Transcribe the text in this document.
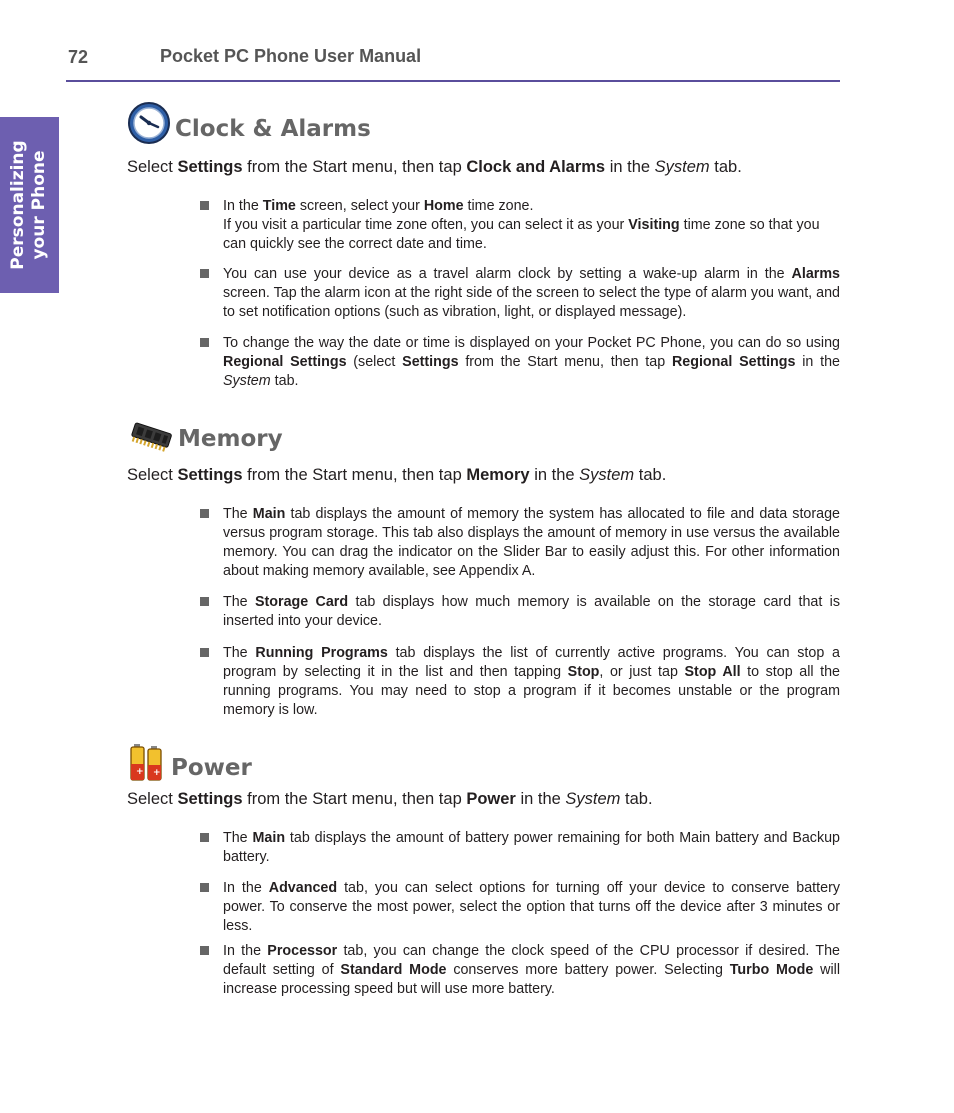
72	Pocket PC Phone User Manual
Personalizing
your Phone
Clock & Alarms
Select Settings from the Start menu, then tap Clock and Alarms in the System tab.
In the Time screen, select your Home time zone.
If you visit a particular time zone often, you can select it as your Visiting time zone so that you can quickly see the correct date and time.
You can use your device as a travel alarm clock by setting a wake-up alarm in the Alarms screen. Tap the alarm icon at the right side of the screen to select the type of alarm you want, and to set notification options (such as vibration, light, or displayed message).
To change the way the date or time is displayed on your Pocket PC Phone, you can do so using Regional Settings (select Settings from the Start menu, then tap Regional Settings in the System tab.
Memory
Select Settings from the Start menu, then tap Memory in the System tab.
The Main tab displays the amount of memory the system has allocated to file and data storage versus program storage. This tab also displays the amount of memory in use versus the available memory. You can drag the indicator on the Slider Bar to easily adjust this. For other information about making memory available, see Appendix A.
The Storage Card tab displays how much memory is available on the storage card that is inserted into your device.
The Running Programs tab displays the list of currently active programs. You can stop a program by selecting it in the list and then tapping Stop, or just tap Stop All to stop all the running programs. You may need to stop a program if it becomes unstable or the program memory is low.
+ + Power
Select Settings from the Start menu, then tap Power in the System tab.
The Main tab displays the amount of battery power remaining for both Main battery and Backup battery.
In the Advanced tab, you can select options for turning off your device to conserve battery power. To conserve the most power, select the option that turns off the device after 3 minutes or less.
In the Processor tab, you can change the clock speed of the CPU processor if desired. The default setting of Standard Mode conserves more battery power. Selecting Turbo Mode will increase processing speed but will use more battery.
